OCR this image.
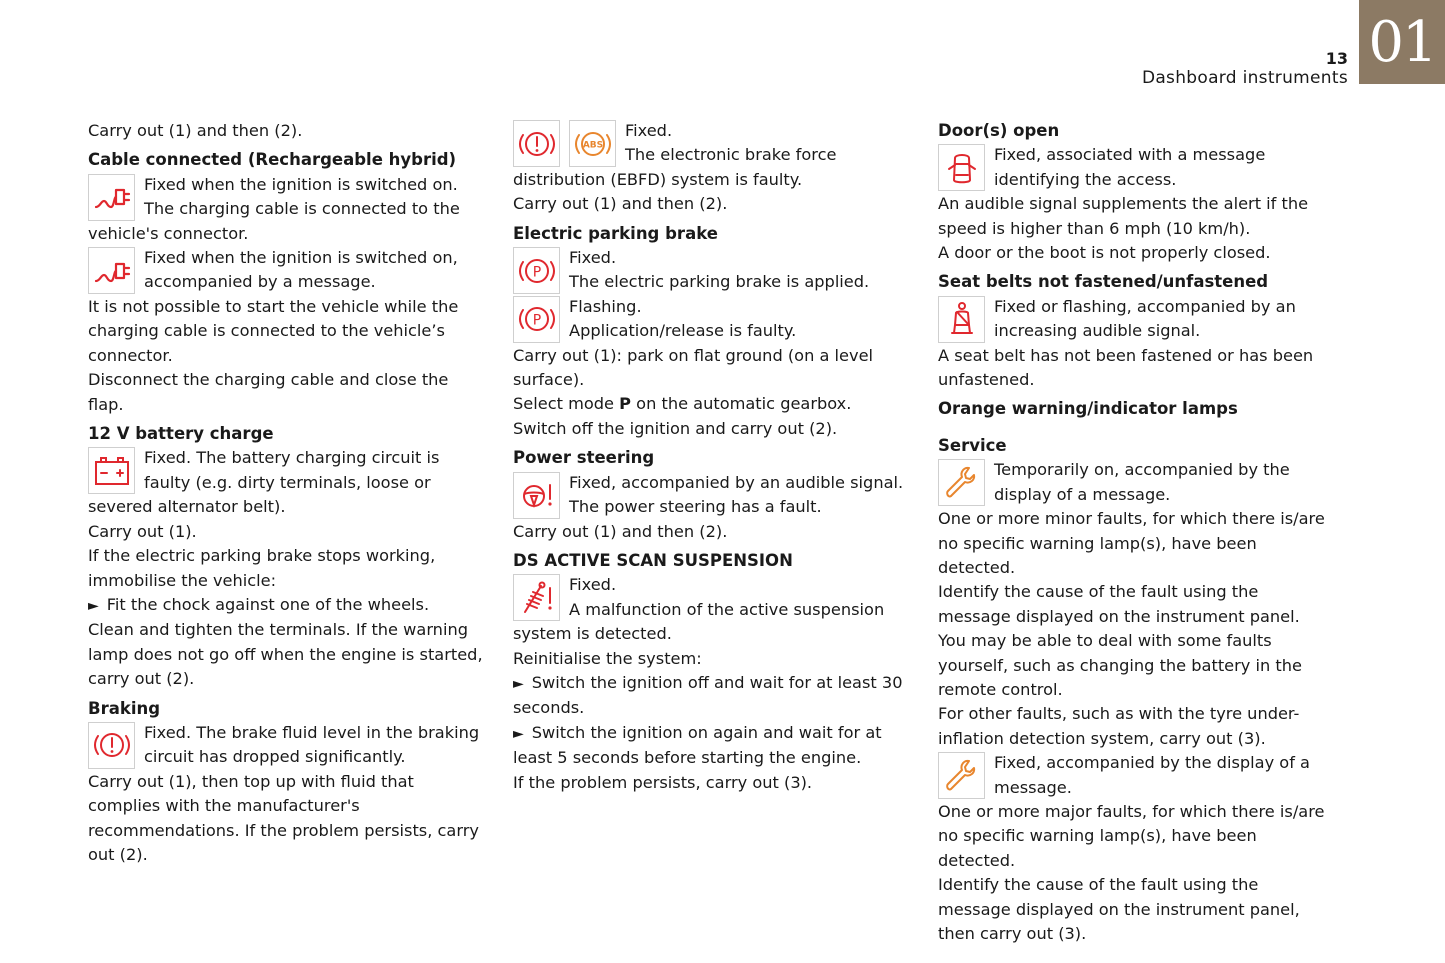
13
Dashboard instruments
01

Carry out (1) and then (2).

Cable connected (Rechargeable hybrid)

Fixed when the ignition is switched on. The charging cable is connected to the vehicle's connector.

Fixed when the ignition is switched on, accompanied by a message.

It is not possible to start the vehicle while the charging cable is connected to the vehicle’s connector.

Disconnect the charging cable and close the flap.

12 V battery charge

Fixed. The battery charging circuit is faulty (e.g. dirty terminals, loose or severed alternator belt).

Carry out (1).

If the electric parking brake stops working, immobilise the vehicle:

► Fit the chock against one of the wheels.

Clean and tighten the terminals. If the warning lamp does not go off when the engine is started, carry out (2).

Braking

Fixed. The brake fluid level in the braking circuit has dropped significantly.

Carry out (1), then top up with fluid that complies with the manufacturer's recommendations. If the problem persists, carry out (2).

ABS

Fixed.

The electronic brake force distribution (EBFD) system is faulty.

Carry out (1) and then (2).

Electric parking brake
P

Fixed.

The electric parking brake is applied.

P

Flashing.

Application/release is faulty.

Carry out (1): park on flat ground (on a level surface).

Select mode P on the automatic gearbox.

Switch off the ignition and carry out (2).

Power steering

Fixed, accompanied by an audible signal.

The power steering has a fault.

Carry out (1) and then (2).

DS ACTIVE SCAN SUSPENSION

Fixed.

A malfunction of the active suspension system is detected.

Reinitialise the system:

► Switch the ignition off and wait for at least 30 seconds.

► Switch the ignition on again and wait for at least 5 seconds before starting the engine.

If the problem persists, carry out (3).

Door(s) open

Fixed, associated with a message identifying the access.

An audible signal supplements the alert if the speed is higher than 6 mph (10 km/h).

A door or the boot is not properly closed.

Seat belts not fastened/unfastened

Fixed or flashing, accompanied by an increasing audible signal.

A seat belt has not been fastened or has been unfastened.

Orange warning/indicator lamps
Service

Temporarily on, accompanied by the display of a message.

One or more minor faults, for which there is/are no specific warning lamp(s), have been detected.

Identify the cause of the fault using the message displayed on the instrument panel.

You may be able to deal with some faults yourself, such as changing the battery in the remote control.

For other faults, such as with the tyre under-inflation detection system, carry out (3).

Fixed, accompanied by the display of a message.

One or more major faults, for which there is/are no specific warning lamp(s), have been detected.

Identify the cause of the fault using the message displayed on the instrument panel, then carry out (3).
